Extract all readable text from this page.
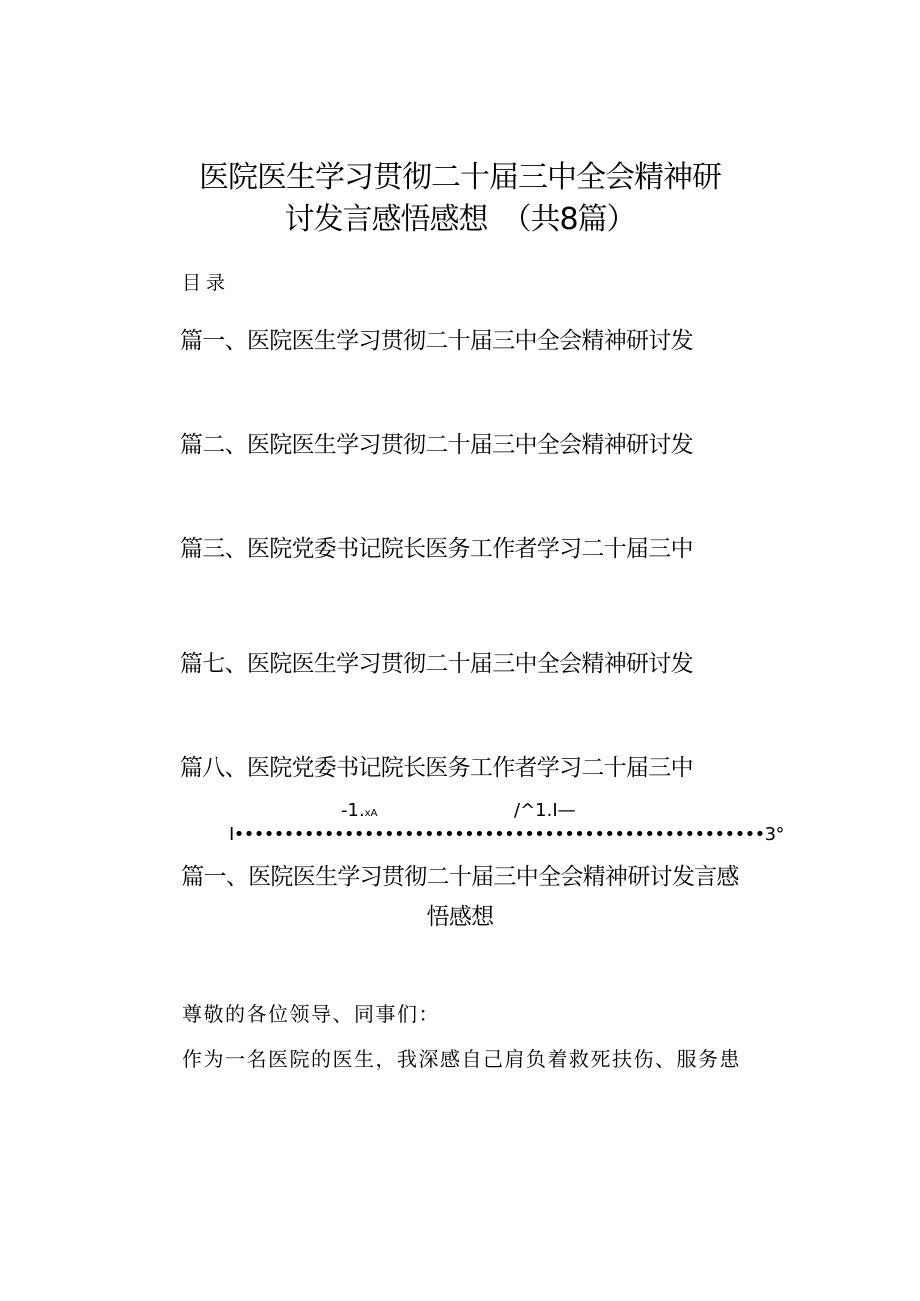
医院医生学习贯彻二十届三中全会精神研
讨发言感悟感想　（共8篇）
目录
篇一、医院医生学习贯彻二十届三中全会精神研讨发
篇二、医院医生学习贯彻二十届三中全会精神研讨发
篇三、医院党委书记院长医务工作者学习二十届三中
篇七、医院医生学习贯彻二十届三中全会精神研讨发
篇八、医院党委书记院长医务工作者学习二十届三中
-1.xA	/^1.I—
I•••••••••••••••••••••••••••••••••••••••••••••••••••••3°
篇一、医院医生学习贯彻二十届三中全会精神研讨发言感
悟感想
尊敬的各位领导、同事们：
作为一名医院的医生，我深感自己肩负着救死扶伤、服务患
